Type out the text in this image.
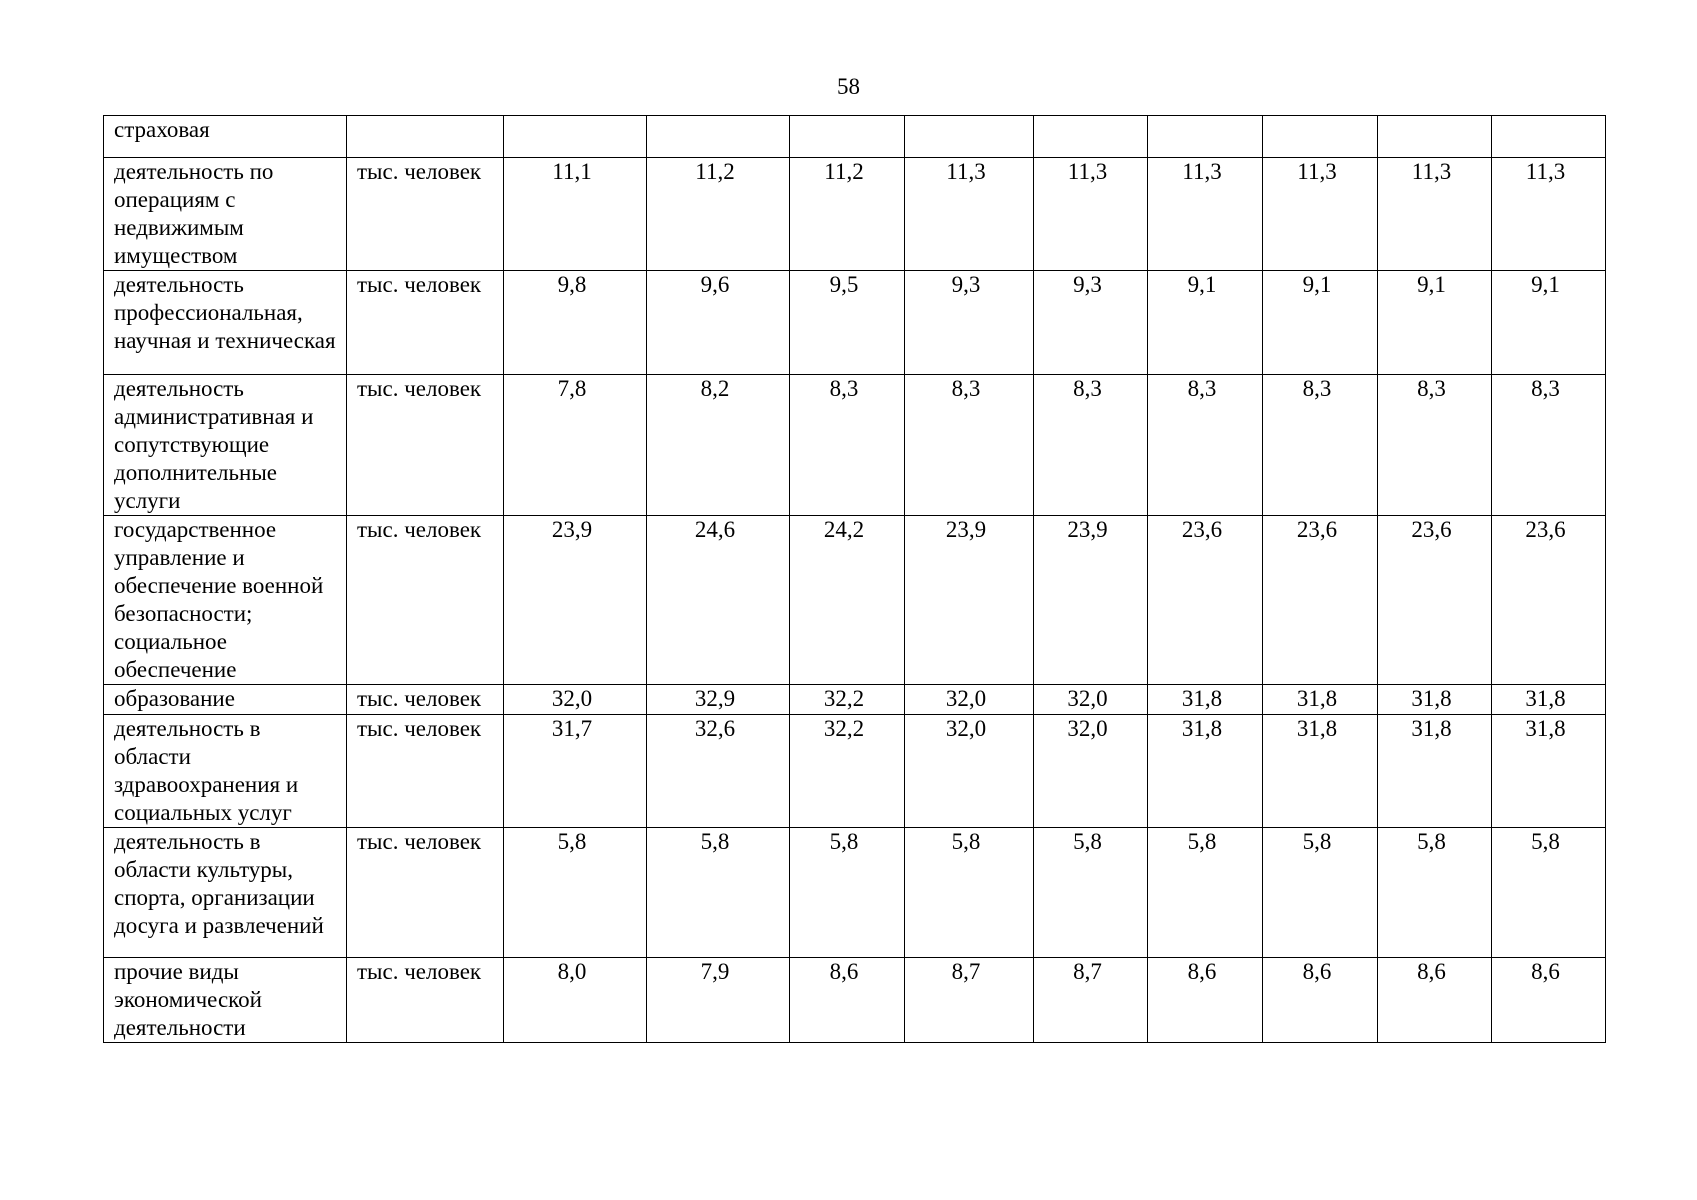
58
страховая										
деятельность по операциям с недвижимым имуществом	тыс. человек	11,1	11,2	11,2	11,3	11,3	11,3	11,3	11,3	11,3
деятельность профессиональная, научная и техническая	тыс. человек	9,8	9,6	9,5	9,3	9,3	9,1	9,1	9,1	9,1
деятельность административная и сопутствующие дополнительные услуги	тыс. человек	7,8	8,2	8,3	8,3	8,3	8,3	8,3	8,3	8,3
государственное управление и обеспечение военной безопасности; социальное обеспечение	тыс. человек	23,9	24,6	24,2	23,9	23,9	23,6	23,6	23,6	23,6
образование	тыс. человек	32,0	32,9	32,2	32,0	32,0	31,8	31,8	31,8	31,8
деятельность в области здравоохранения и социальных услуг	тыс. человек	31,7	32,6	32,2	32,0	32,0	31,8	31,8	31,8	31,8
деятельность в области культуры, спорта, организации досуга и развлечений	тыс. человек	5,8	5,8	5,8	5,8	5,8	5,8	5,8	5,8	5,8
прочие виды экономической деятельности	тыс. человек	8,0	7,9	8,6	8,7	8,7	8,6	8,6	8,6	8,6
